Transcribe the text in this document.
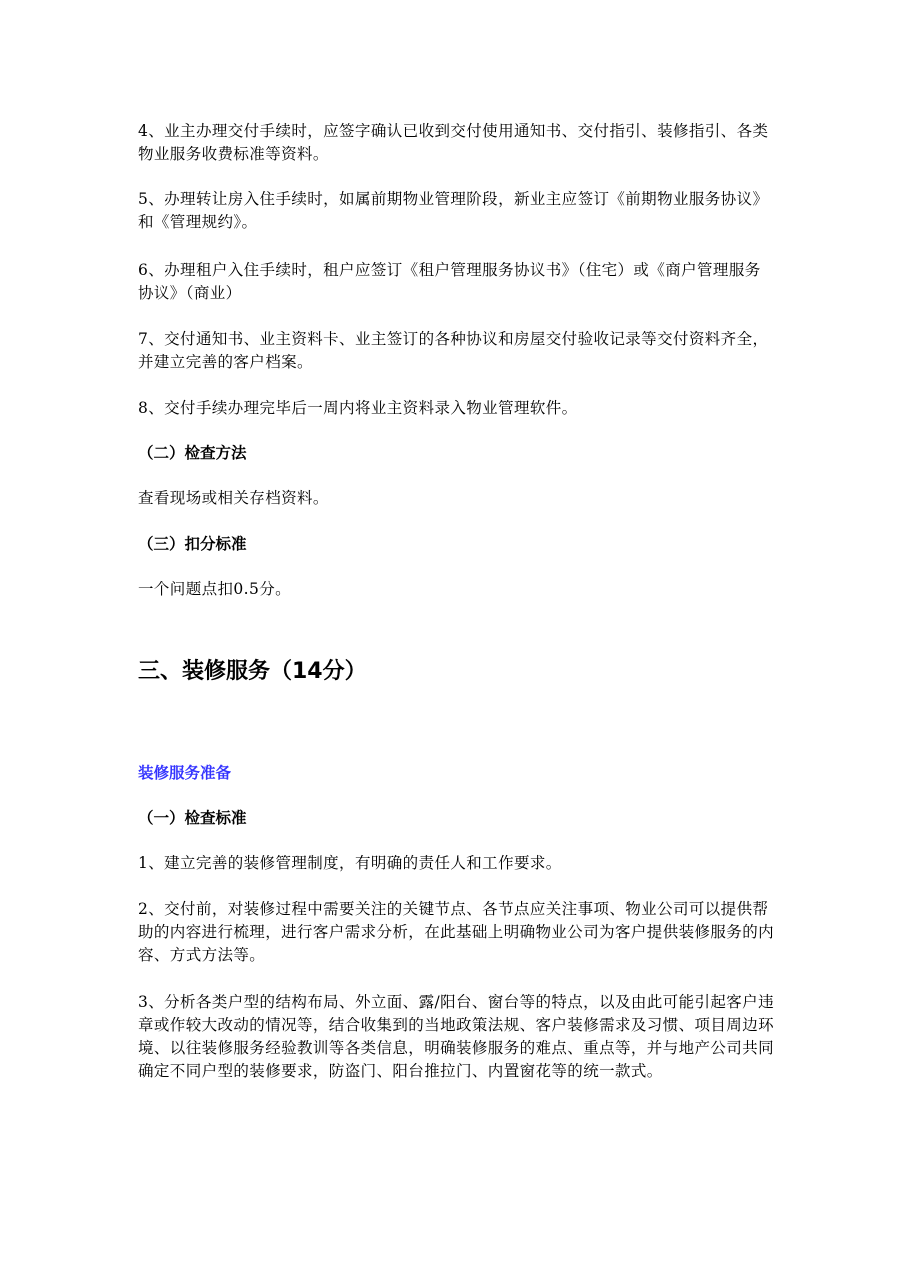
4、业主办理交付手续时，应签字确认已收到交付使用通知书、交付指引、装修指引、各类物业服务收费标准等资料。

5、办理转让房入住手续时，如属前期物业管理阶段，新业主应签订《前期物业服务协议》和《管理规约》。

6、办理租户入住手续时，租户应签订《租户管理服务协议书》（住宅）或《商户管理服务协议》（商业）

7、交付通知书、业主资料卡、业主签订的各种协议和房屋交付验收记录等交付资料齐全，并建立完善的客户档案。

8、交付手续办理完毕后一周内将业主资料录入物业管理软件。

（二）检查方法

查看现场或相关存档资料。

（三）扣分标准

一个问题点扣0.5分。

三、装修服务（14分）
装修服务准备
（一）检查标准

1、建立完善的装修管理制度，有明确的责任人和工作要求。

2、交付前，对装修过程中需要关注的关键节点、各节点应关注事项、物业公司可以提供帮助的内容进行梳理，进行客户需求分析，在此基础上明确物业公司为客户提供装修服务的内容、方式方法等。

3、分析各类户型的结构布局、外立面、露/阳台、窗台等的特点，以及由此可能引起客户违章或作较大改动的情况等，结合收集到的当地政策法规、客户装修需求及习惯、项目周边环境、以往装修服务经验教训等各类信息，明确装修服务的难点、重点等，并与地产公司共同确定不同户型的装修要求，防盗门、阳台推拉门、内置窗花等的统一款式。
